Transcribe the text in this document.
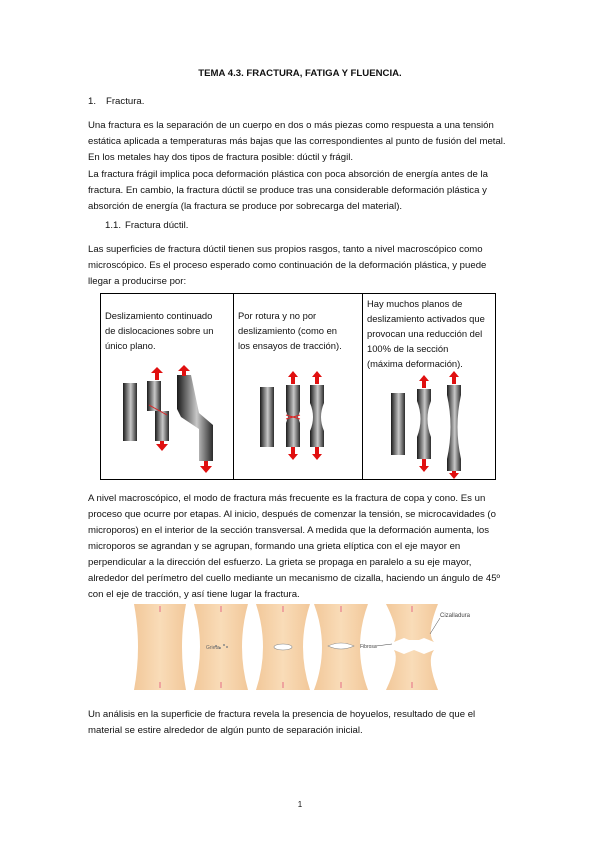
TEMA 4.3. FRACTURA, FATIGA Y FLUENCIA.
1. Fractura.
Una fractura es la separación de un cuerpo en dos o más piezas como respuesta a una tensión
estática aplicada a temperaturas más bajas que las correspondientes al punto de fusión del metal.
En los metales hay dos tipos de fractura posible: dúctil y frágil.
La fractura frágil implica poca deformación plástica con poca absorción de energía antes de la
fractura. En cambio, la fractura dúctil se produce tras una considerable deformación plástica y
absorción de energía (la fractura se produce por sobrecarga del material).
1.1. Fractura dúctil.
Las superficies de fractura dúctil tienen sus propios rasgos, tanto a nivel macroscópico como
microscópico. Es el proceso esperado como continuación de la deformación plástica, y puede
llegar a producirse por:
Deslizamiento continuado
de dislocaciones sobre un
único plano.

Por rotura y no por
deslizamiento (como en
los ensayos de tracción).

Hay muchos planos de
deslizamiento activados que
provocan una reducción del
100% de la sección
(máxima deformación).
A nivel macroscópico, el modo de fractura más frecuente es la fractura de copa y cono. Es un
proceso que ocurre por etapas. Al inicio, después de comenzar la tensión, se microcavidades (o
microporos) en el interior de la sección transversal. A medida que la deformación aumenta, los
microporos se agrandan y se agrupan, formando una grieta elíptica con el eje mayor en
perpendicular a la dirección del esfuerzo. La grieta se propaga en paralelo a su eje mayor,
alrededor del perímetro del cuello mediante un mecanismo de cizalla, haciendo un ángulo de 45º
con el eje de tracción, y así tiene lugar la fractura.
Grieta	Fibrosa
Cizalladura
Un análisis en la superficie de fractura revela la presencia de hoyuelos, resultado de que el
material se estire alrededor de algún punto de separación inicial.
1
